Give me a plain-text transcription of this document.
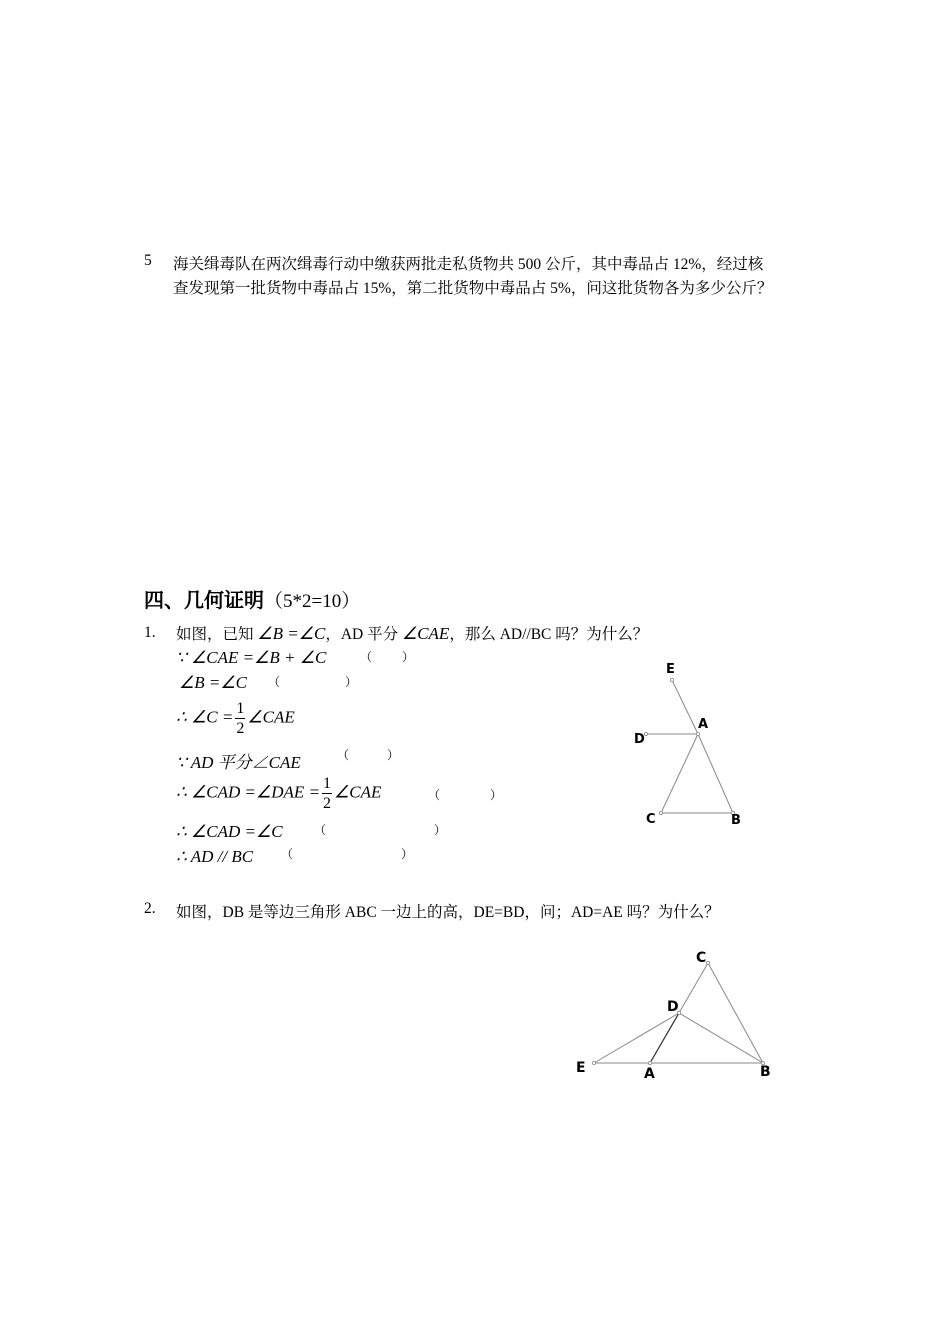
5 海关缉毒队在两次缉毒行动中缴获两批走私货物共 500 公斤，其中毒品占 12%，经过核
查发现第一批货物中毒品占 15%，第二批货物中毒品占 5%，问这批货物各为多少公斤？
四、几何证明（5*2=10）
1. 如图，已知 ∠B =∠C，AD 平分 ∠CAE，那么 AD//BC 吗？为什么？
∵ ∠CAE =∠B + ∠C	（	）
∠B =∠C （	）
∴ ∠C = $\frac{1}{2}$ ∠CAE
∵ AD 平分∠CAE	（	）
∴ ∠CAD =∠DAE = $\frac{1}{2}$ ∠CAE	（	）
∴ ∠CAD =∠C	（	）
∴ AD // BC （	）
E
A
D
C	B
2. 如图，DB 是等边三角形 ABC 一边上的高，DE=BD，问；AD=AE 吗？为什么？
C
D
E	A	B
